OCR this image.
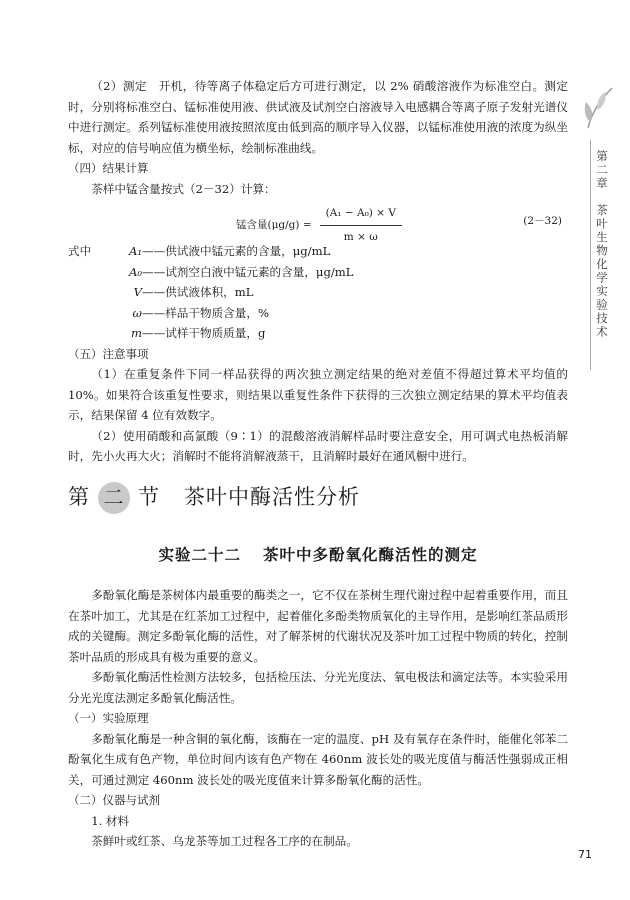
第二章　茶叶生物化学实验技术

（2）测定　开机，待等离子体稳定后方可进行测定，以 2% 硝酸溶液作为标准空白。测定时，分别将标准空白、锰标准使用液、供试液及试剂空白溶液导入电感耦合等离子原子发射光谱仪中进行测定。系列锰标准使用液按照浓度由低到高的顺序导入仪器，以锰标准使用液的浓度为纵坐标，对应的信号响应值为横坐标，绘制标准曲线。

（四）结果计算

茶样中锰含量按式（2－32）计算：

锰含量$(\mu g/g) = \frac{\text{(A₁ − A₀) × V}}{m \times \omega}$	(2－32)
式中	A₁ ——供试液中锰元素的含量，μg/mL
A₀ ——试剂空白液中锰元素的含量，μg/mL
V ——供试液体积，mL
ω ——样品干物质含量，%
m ——试样干物质质量，g

（五）注意事项

（1）在重复条件下同一样品获得的两次独立测定结果的绝对差值不得超过算术平均值的 10%。如果符合该重复性要求，则结果以重复性条件下获得的三次独立测定结果的算术平均值表示，结果保留 4 位有效数字。

（2）使用硝酸和高氯酸（9∶1）的混酸溶液消解样品时要注意安全，用可调式电热板消解时，先小火再大火；消解时不能将消解液蒸干，且消解时最好在通风橱中进行。

第 二 节 茶叶中酶活性分析
实验二十二 茶叶中多酚氧化酶活性的测定

多酚氧化酶是茶树体内最重要的酶类之一，它不仅在茶树生理代谢过程中起着重要作用，而且在茶叶加工，尤其是在红茶加工过程中，起着催化多酚类物质氧化的主导作用，是影响红茶品质形成的关键酶。测定多酚氧化酶的活性，对了解茶树的代谢状况及茶叶加工过程中物质的转化，控制茶叶品质的形成具有极为重要的意义。

多酚氧化酶活性检测方法较多，包括检压法、分光光度法、氧电极法和滴定法等。本实验采用分光光度法测定多酚氧化酶活性。

（一）实验原理

多酚氧化酶是一种含铜的氧化酶，该酶在一定的温度、pH 及有氧存在条件时，能催化邻苯二酚氧化生成有色产物，单位时间内该有色产物在 460nm 波长处的吸光度值与酶活性强弱成正相关，可通过测定 460nm 波长处的吸光度值来计算多酚氧化酶的活性。

（二）仪器与试剂

1. 材料

茶鲜叶或红茶、乌龙茶等加工过程各工序的在制品。

71
